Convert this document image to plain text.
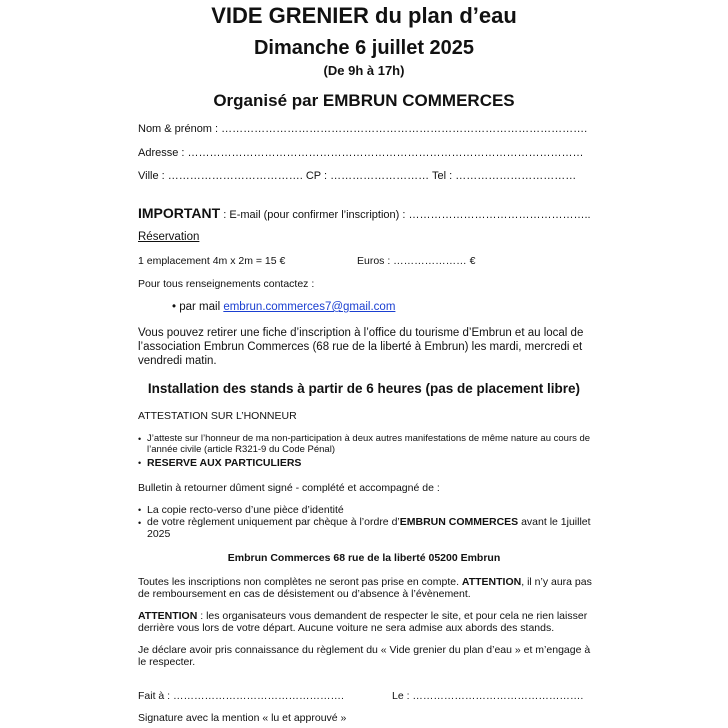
VIDE GRENIER du plan d’eau
Dimanche 6 juillet 2025
(De 9h à 17h)
Organisé par EMBRUN COMMERCES
Nom & prénom : ……………………………………………………………………………………….
Adresse : ………………………………………………………………………………………………
Ville : ………………………………. CP : ……………………… Tel : ……………………………
IMPORTANT : E-mail (pour confirmer l’inscription) : …………………………………………..
Réservation
1 emplacement 4m x 2m = 15 €	Euros : ………………… €
Pour tous renseignements contactez :
• par mail embrun.commerces7@gmail.com
Vous pouvez retirer une fiche d’inscription à l’office du tourisme d’Embrun et au local de l’association Embrun Commerces (68 rue de la liberté à Embrun) les mardi, mercredi et vendredi matin.
Installation des stands à partir de 6 heures (pas de placement libre)
ATTESTATION SUR L’HONNEUR
• J’atteste sur l’honneur de ma non-participation à deux autres manifestations de même nature au cours de l’année civile (article R321-9 du Code Pénal)
• RESERVE AUX PARTICULIERS
Bulletin à retourner dûment signé - complété et accompagné de :
• La copie recto-verso d’une pièce d’identité
• de votre règlement uniquement par chèque à l’ordre d’EMBRUN COMMERCES avant le 1juillet 2025
Embrun Commerces 68 rue de la liberté 05200 Embrun
Toutes les inscriptions non complètes ne seront pas prise en compte. ATTENTION, il n’y aura pas de remboursement en cas de désistement ou d’absence à l’évènement.
ATTENTION : les organisateurs vous demandent de respecter le site, et pour cela ne rien laisser derrière vous lors de votre départ. Aucune voiture ne sera admise aux abords des stands.
Je déclare avoir pris connaissance du règlement du « Vide grenier du plan d’eau » et m’engage à le respecter.
Fait à : ………………………………………….	Le : ………………………………………….
Signature avec la mention « lu et approuvé »
